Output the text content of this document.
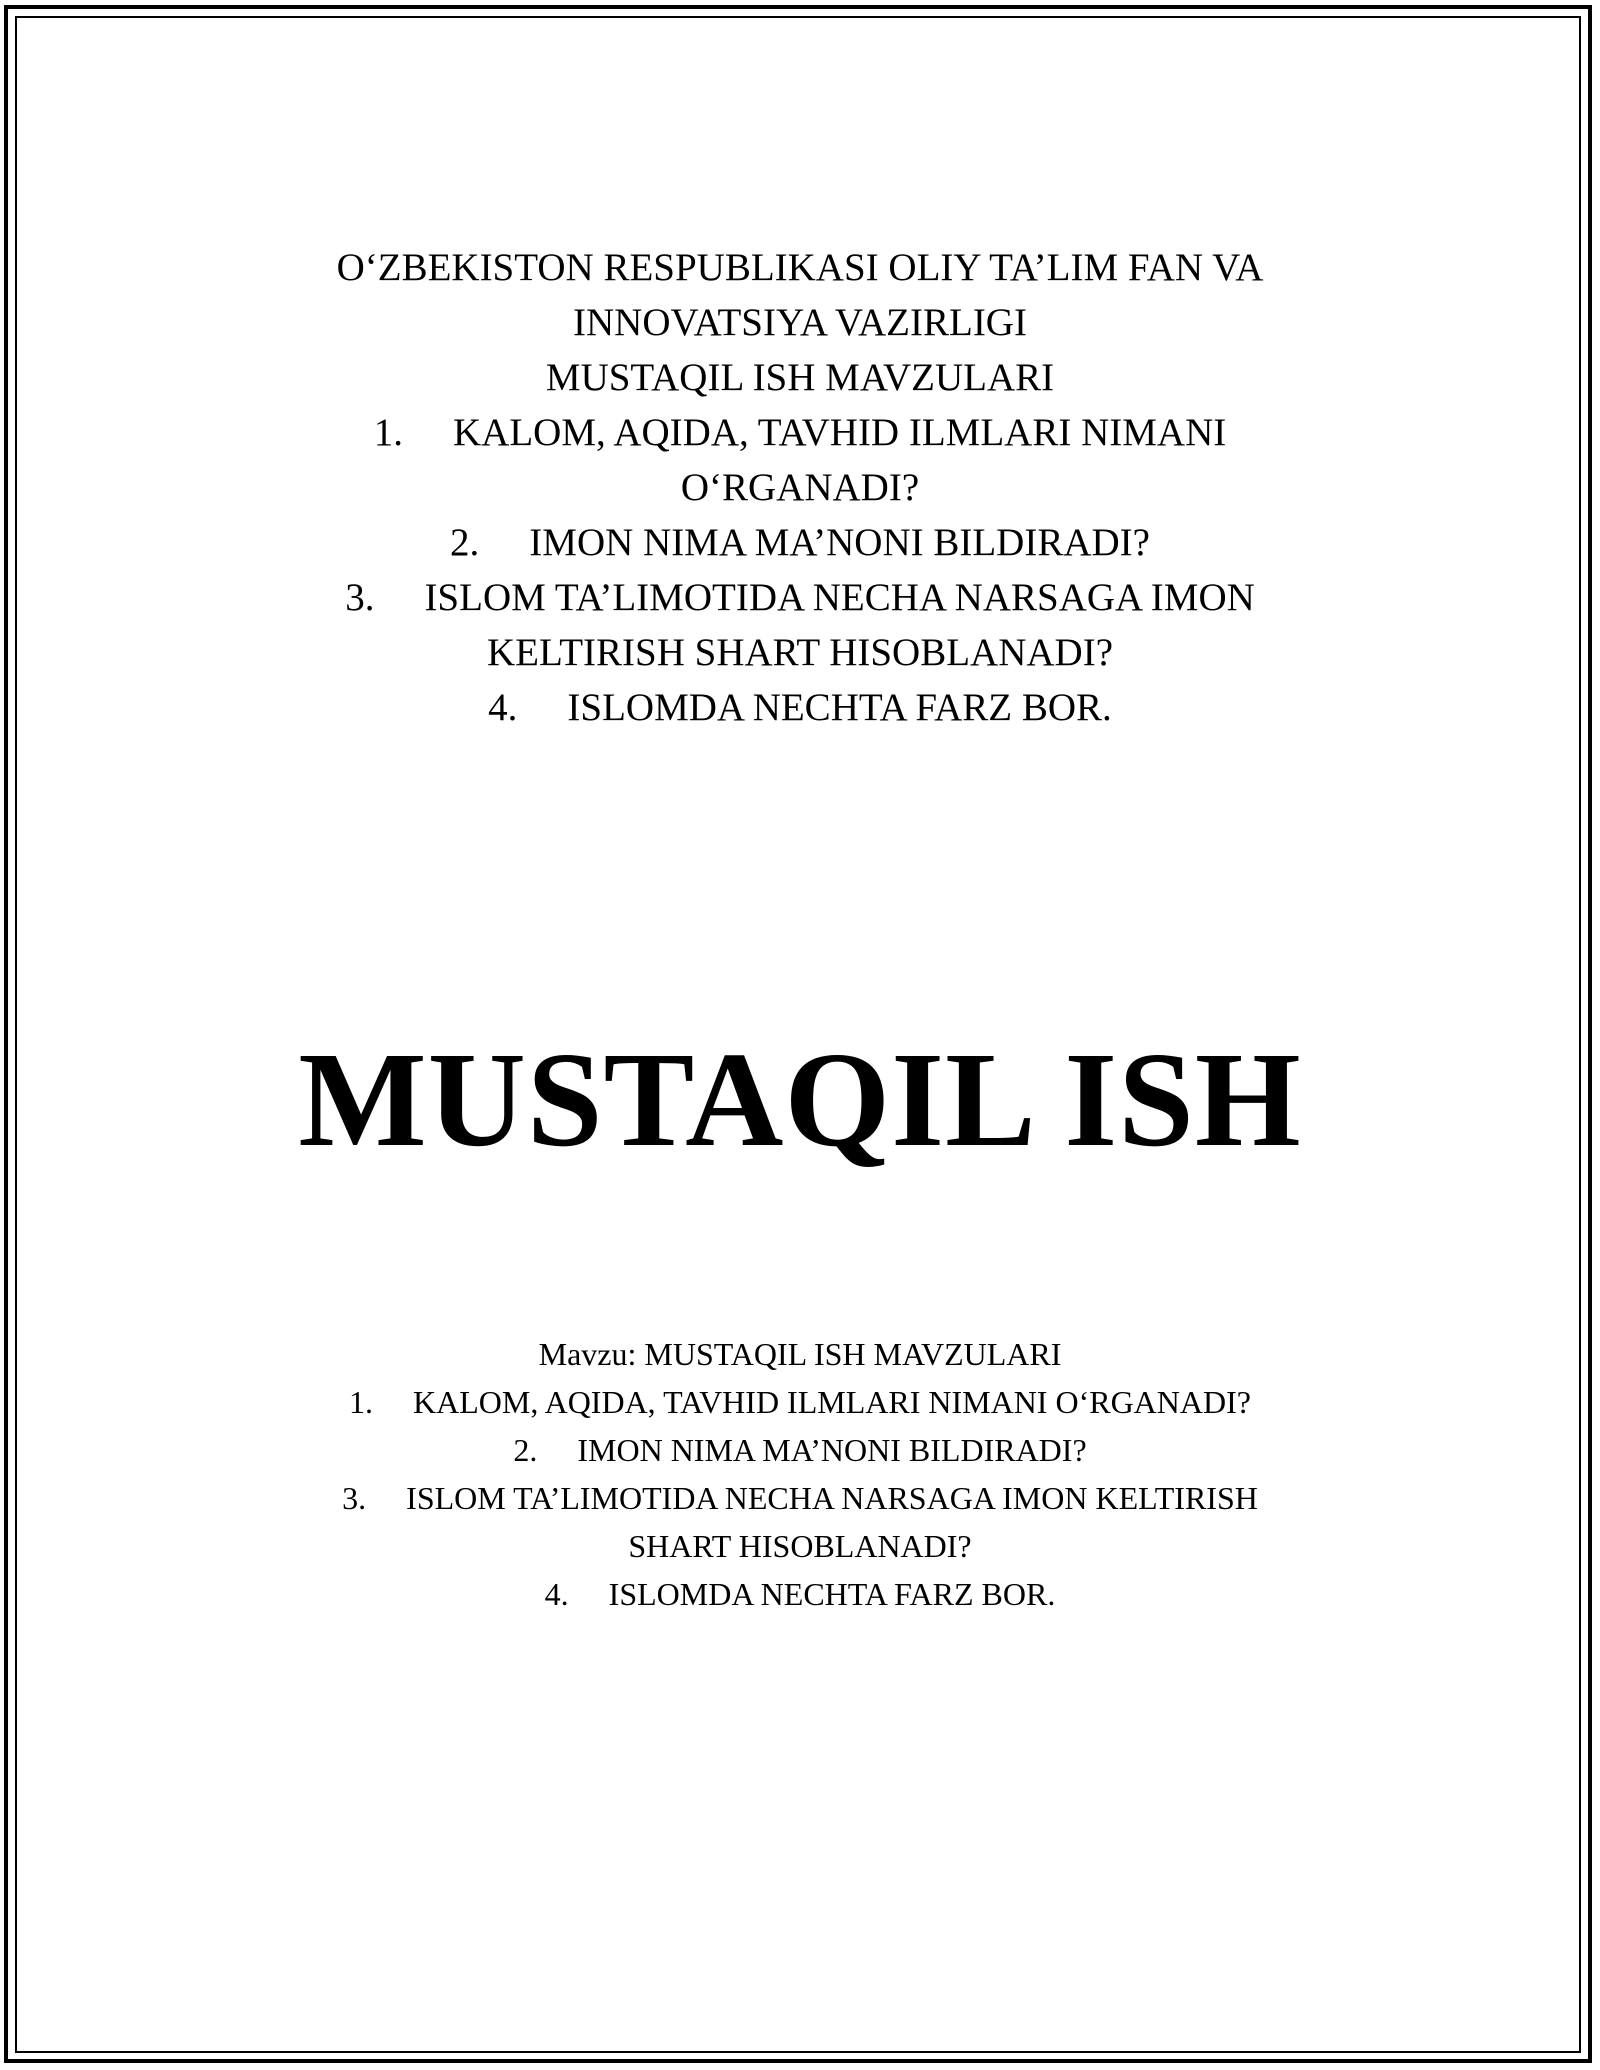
O‘ZBEKISTON RESPUBLIKASI OLIY TA’LIM FAN VA
INNOVATSIYA VAZIRLIGI
MUSTAQIL ISH MAVZULARI
1. KALOM, AQIDA, TAVHID ILMLARI NIMANI
O‘RGANADI?
2. IMON NIMA MA’NONI BILDIRADI?
3. ISLOM TA’LIMOTIDA NECHA NARSAGA IMON
KELTIRISH SHART HISOBLANADI?
4. ISLOMDA NECHTA FARZ BOR.
MUSTAQIL ISH
Mavzu: MUSTAQIL ISH MAVZULARI
1. KALOM, AQIDA, TAVHID ILMLARI NIMANI O‘RGANADI?
2. IMON NIMA MA’NONI BILDIRADI?
3. ISLOM TA’LIMOTIDA NECHA NARSAGA IMON KELTIRISH
SHART HISOBLANADI?
4. ISLOMDA NECHTA FARZ BOR.
